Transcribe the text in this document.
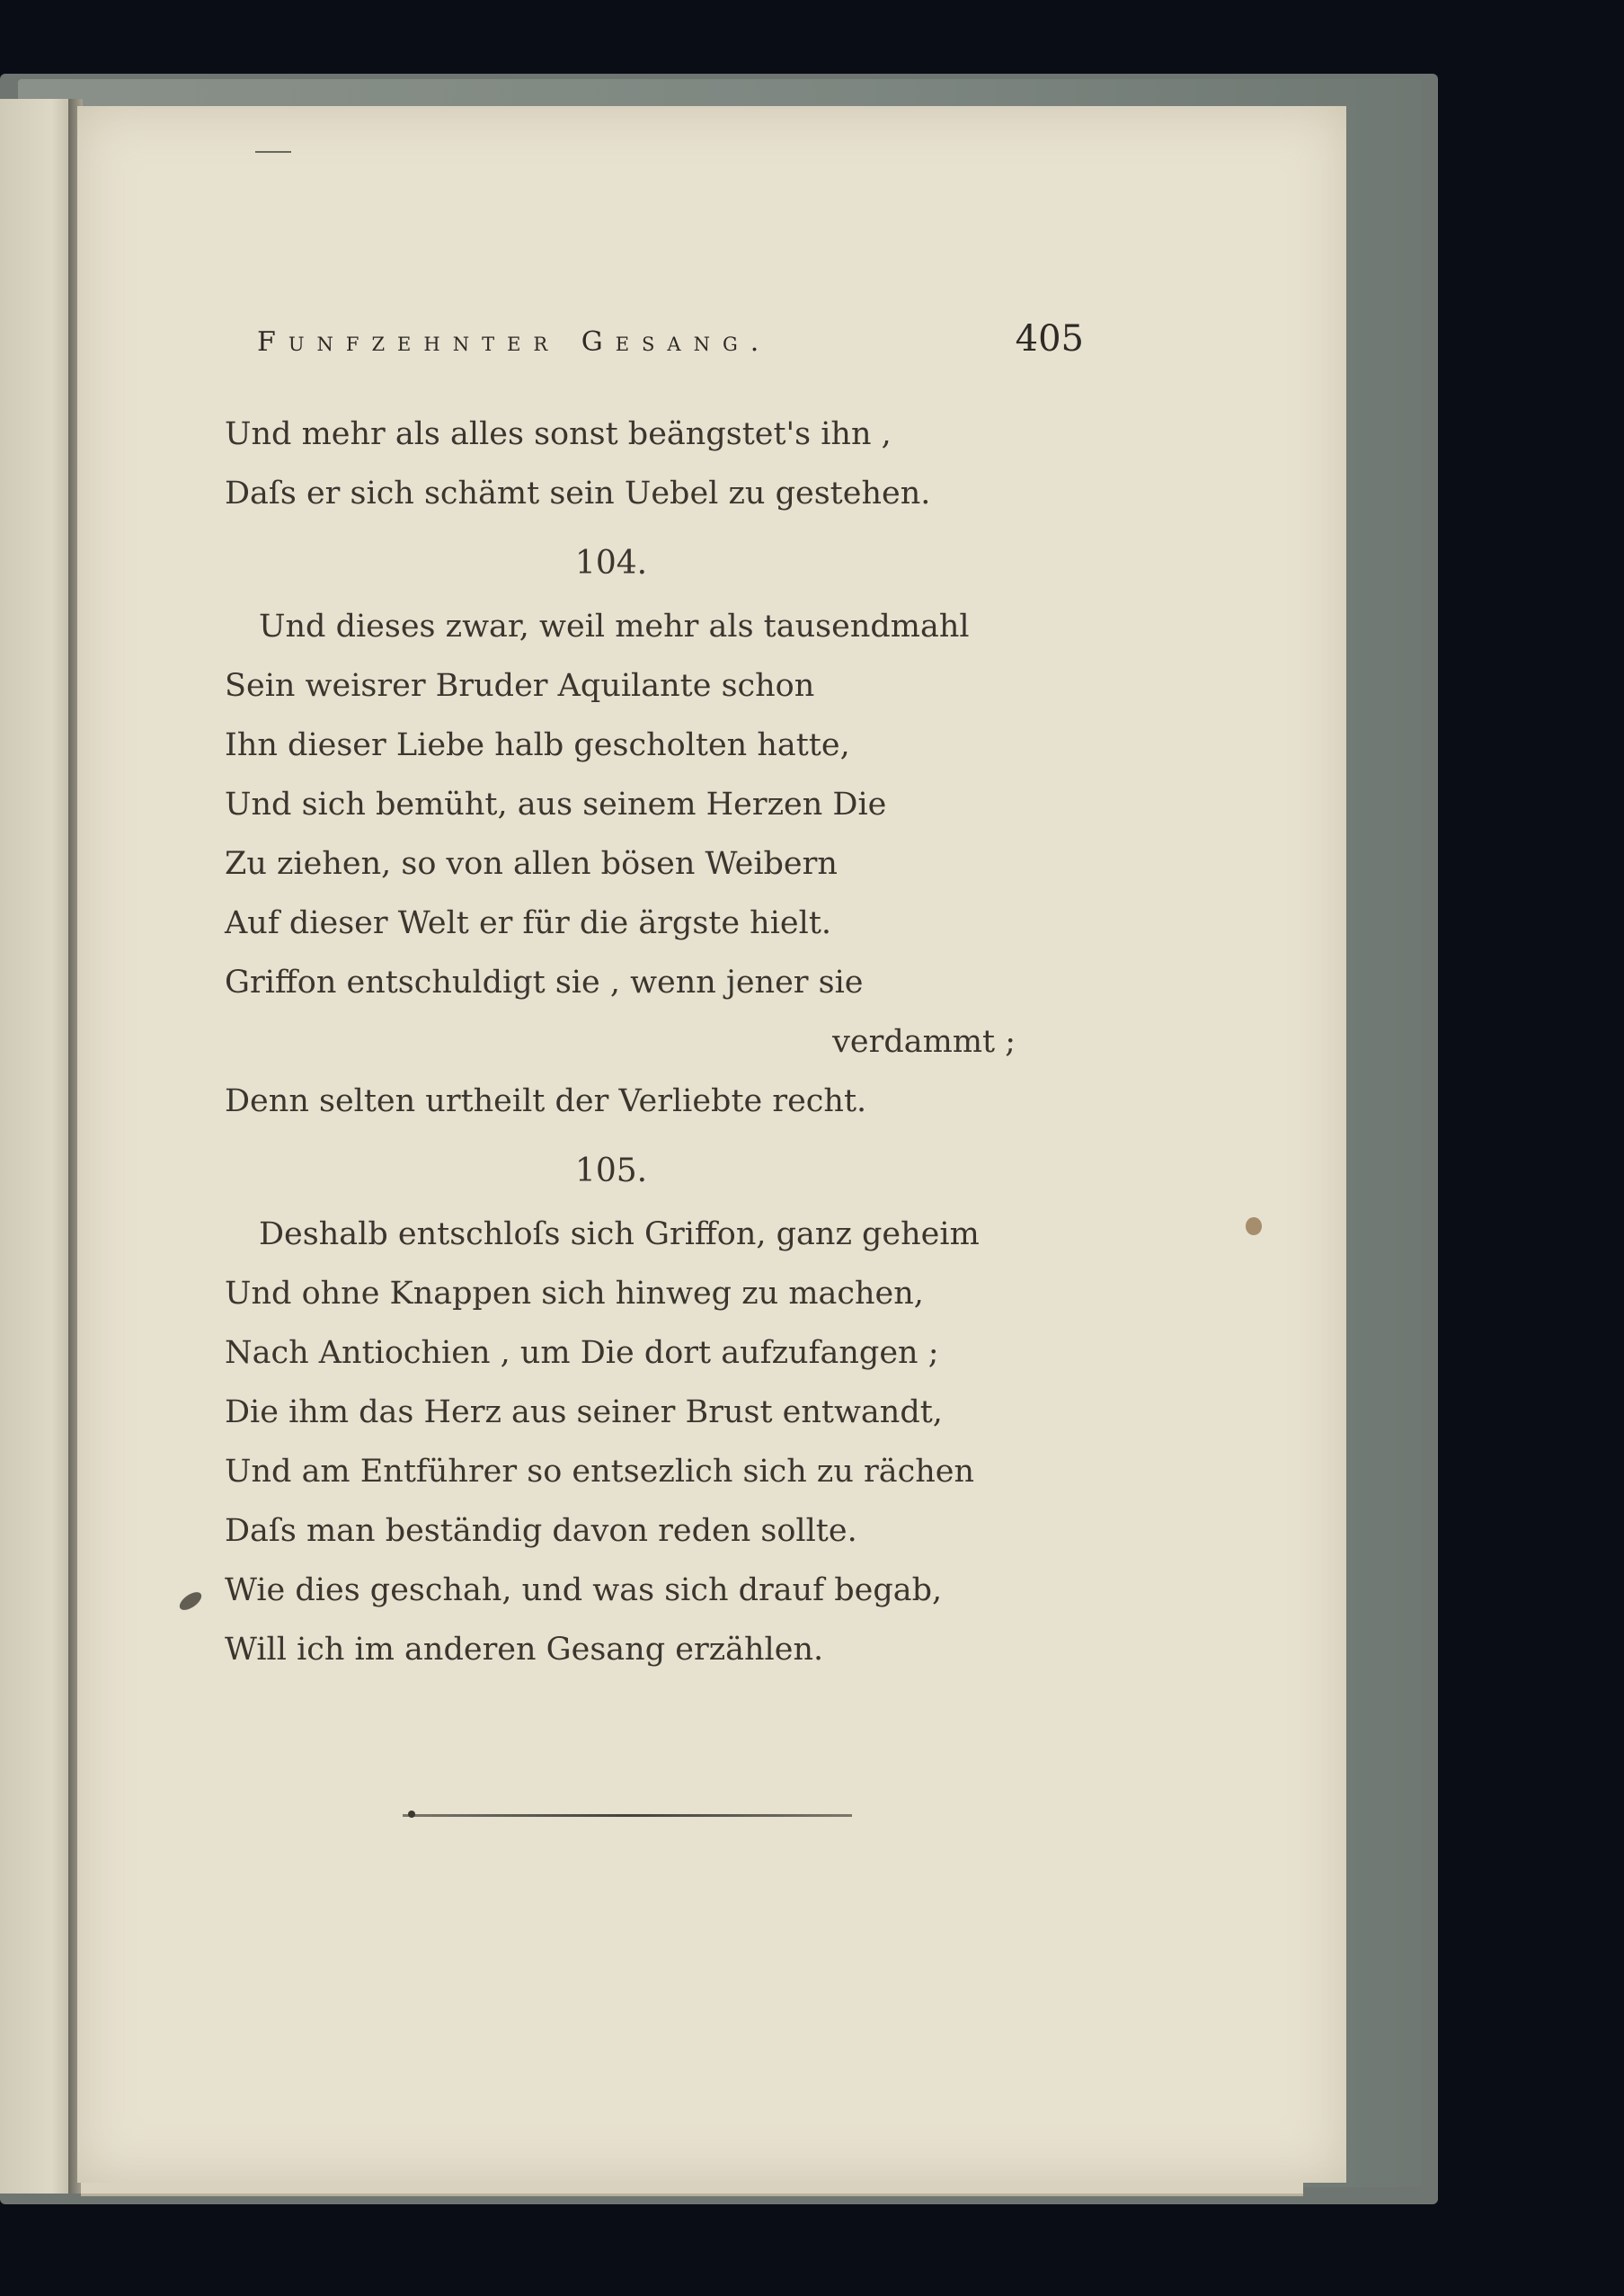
Funfzehnter Gesang.	405
Und mehr als alles sonst beängstet's ihn ,
Daſs er sich schämt sein Uebel zu gestehen.
104.
Und dieses zwar, weil mehr als tausendmahl
Sein weisrer Bruder Aquilante schon
Ihn dieser Liebe halb gescholten hatte,
Und sich bemüht, aus seinem Herzen Die
Zu ziehen, so von allen bösen Weibern
Auf dieser Welt er für die ärgste hielt.
Griffon entschuldigt sie , wenn jener sie
verdammt ;
Denn selten urtheilt der Verliebte recht.
105.
Deshalb entschloſs sich Griffon, ganz geheim
Und ohne Knappen sich hinweg zu machen,
Nach Antiochien , um Die dort aufzufangen ;
Die ihm das Herz aus seiner Brust entwandt,
Und am Entführer so entsezlich sich zu rächen
Daſs man beständig davon reden sollte.
Wie dies geschah, und was sich drauf begab,
Will ich im anderen Gesang erzählen.
